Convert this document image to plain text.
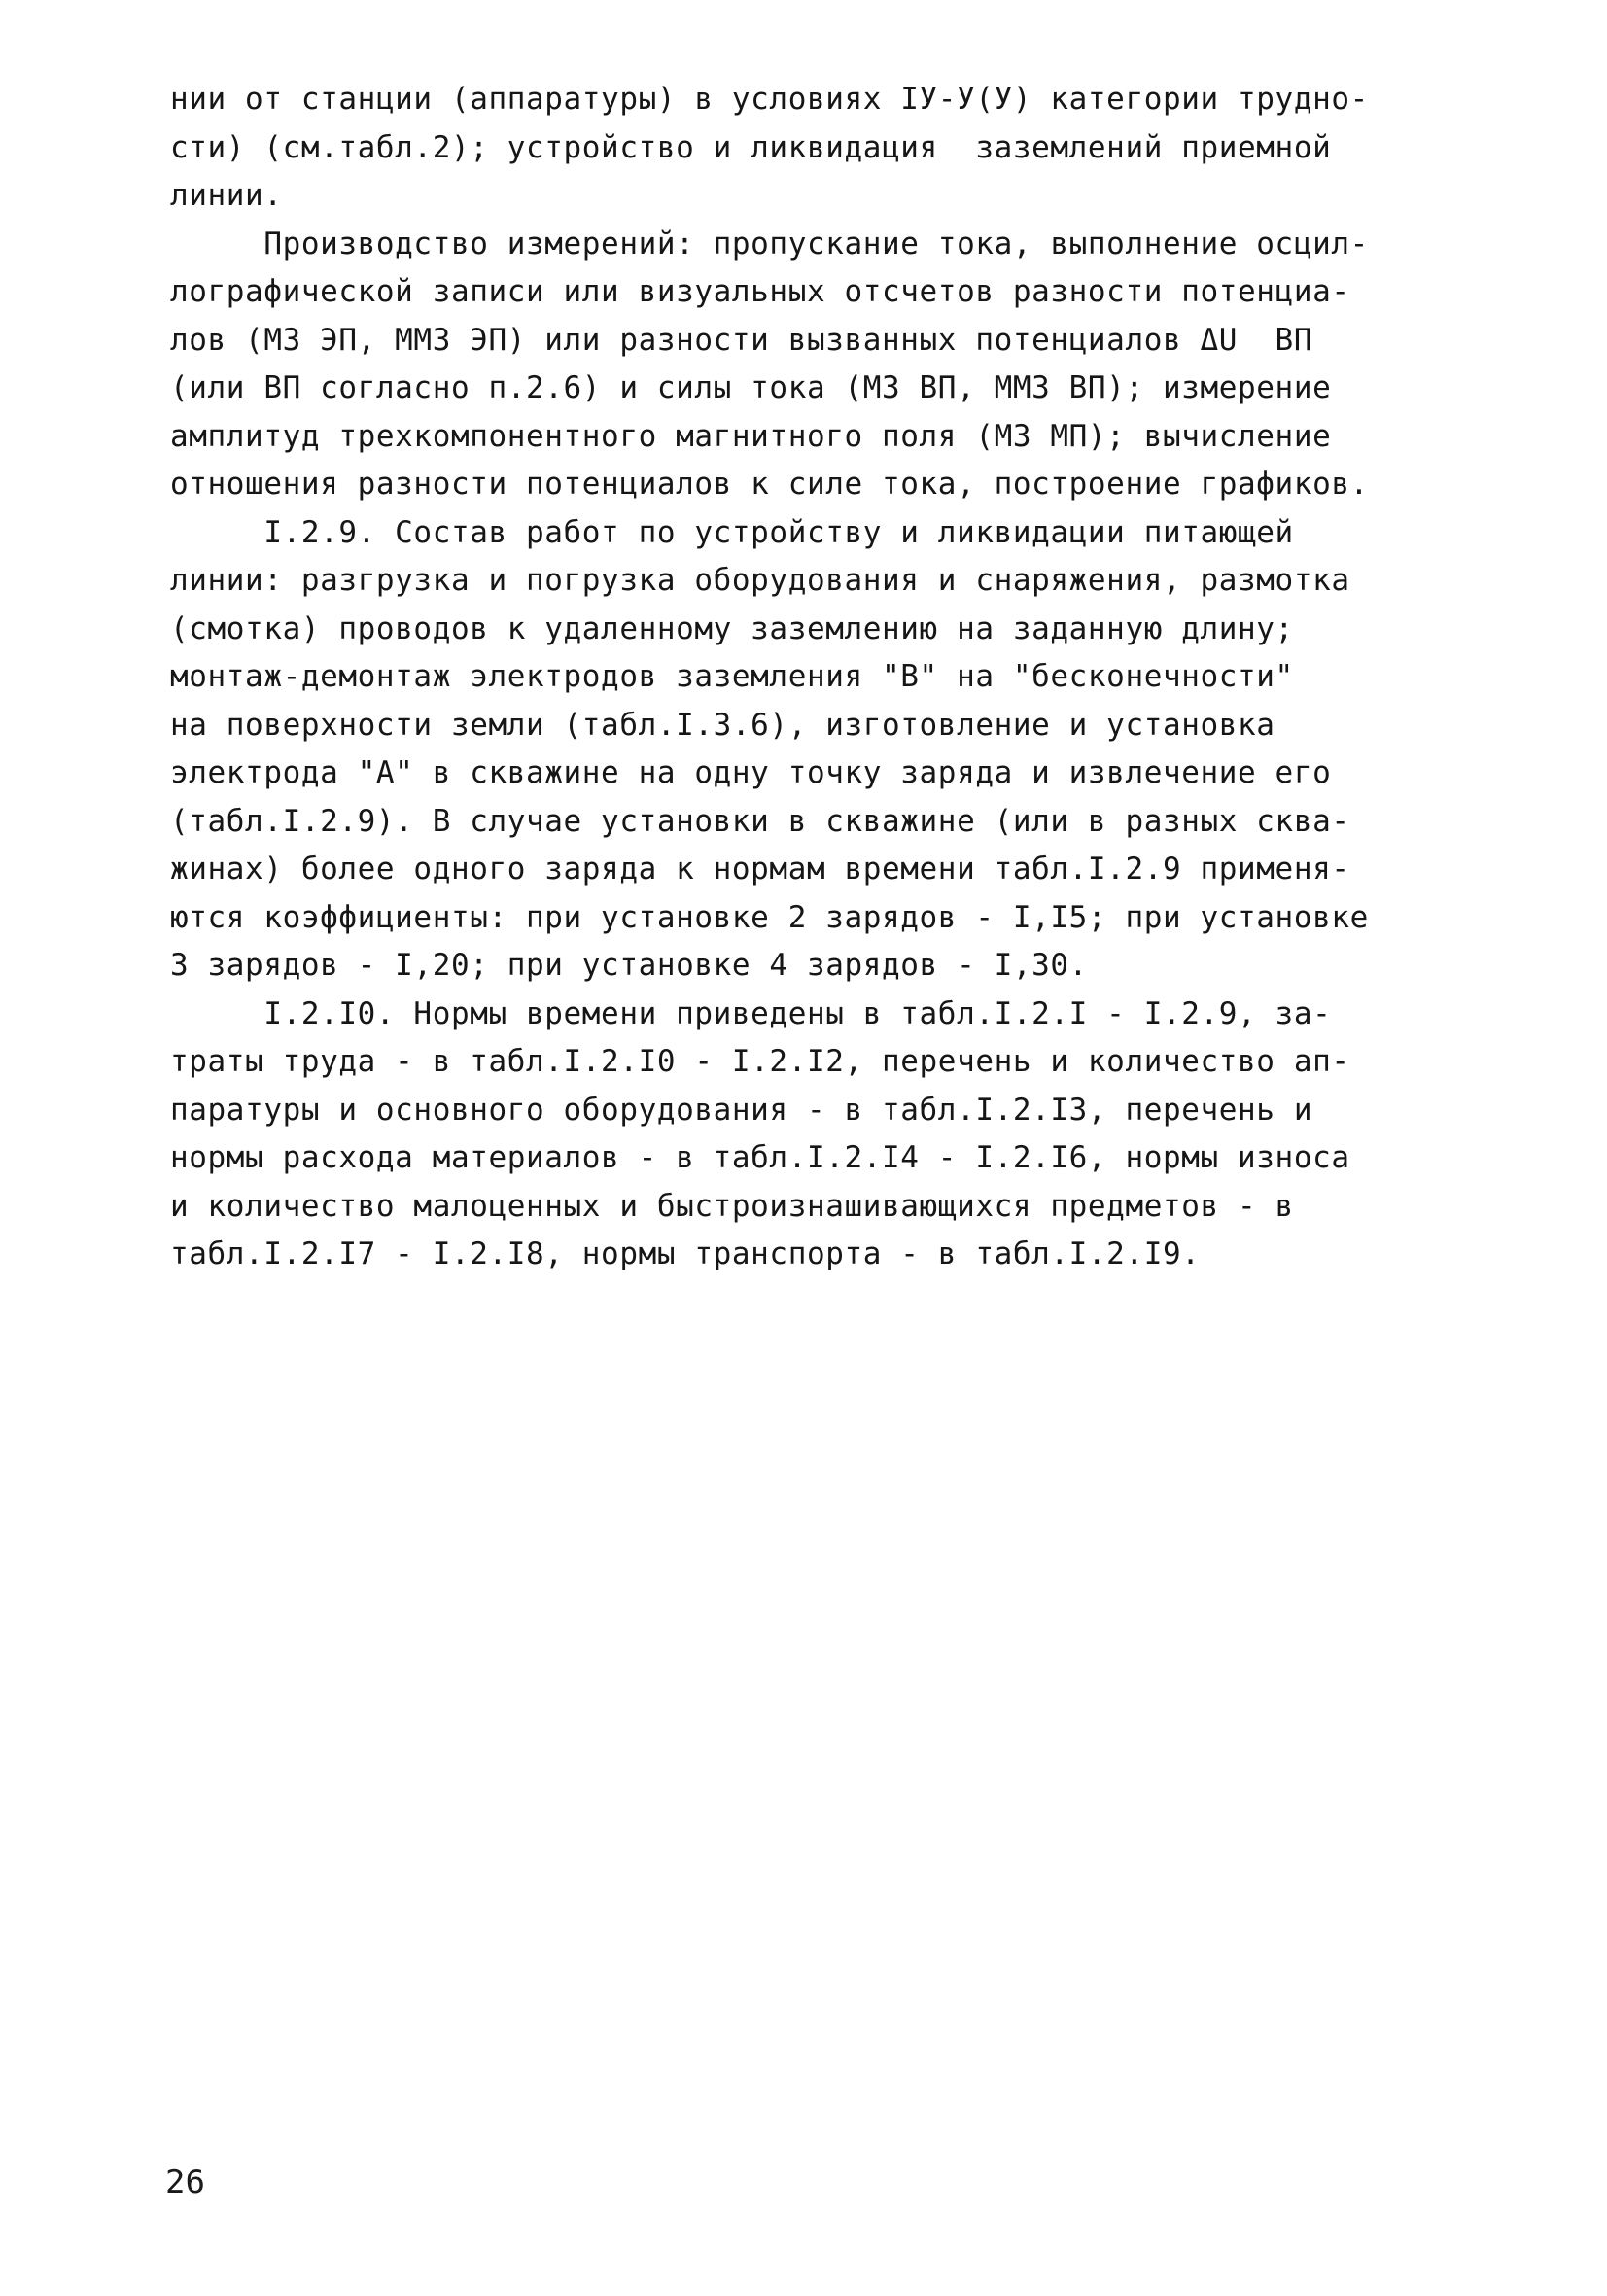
нии от станции (аппаратуры) в условиях IУ-У(У) категории трудно-
сти) (см.табл.2); устройство и ликвидация  заземлений приемной
линии.
Производство измерений: пропускание тока, выполнение осцил-
лографической записи или визуальных отсчетов разности потенциа-
лов (МЗ ЭП, ММЗ ЭП) или разности вызванных потенциалов ΔU  ВП
(или ВП согласно п.2.6) и силы тока (МЗ ВП, ММЗ ВП); измерение
амплитуд трехкомпонентного магнитного поля (МЗ МП); вычисление
отношения разности потенциалов к силе тока, построение графиков.
I.2.9. Состав работ по устройству и ликвидации питающей
линии: разгрузка и погрузка оборудования и снаряжения, размотка
(смотка) проводов к удаленному заземлению на заданную длину;
монтаж-демонтаж электродов заземления "В" на "бесконечности"
на поверхности земли (табл.I.3.6), изготовление и установка
электрода "А" в скважине на одну точку заряда и извлечение его
(табл.I.2.9). В случае установки в скважине (или в разных сква-
жинах) более одного заряда к нормам времени табл.I.2.9 применя-
ются коэффициенты: при установке 2 зарядов - I,I5; при установке
3 зарядов - I,20; при установке 4 зарядов - I,30.
I.2.I0. Нормы времени приведены в табл.I.2.I - I.2.9, за-
траты труда - в табл.I.2.I0 - I.2.I2, перечень и количество ап-
паратуры и основного оборудования - в табл.I.2.I3, перечень и
нормы расхода материалов - в табл.I.2.I4 - I.2.I6, нормы износа
и количество малоценных и быстроизнашивающихся предметов - в
табл.I.2.I7 - I.2.I8, нормы транспорта - в табл.I.2.I9.
26
